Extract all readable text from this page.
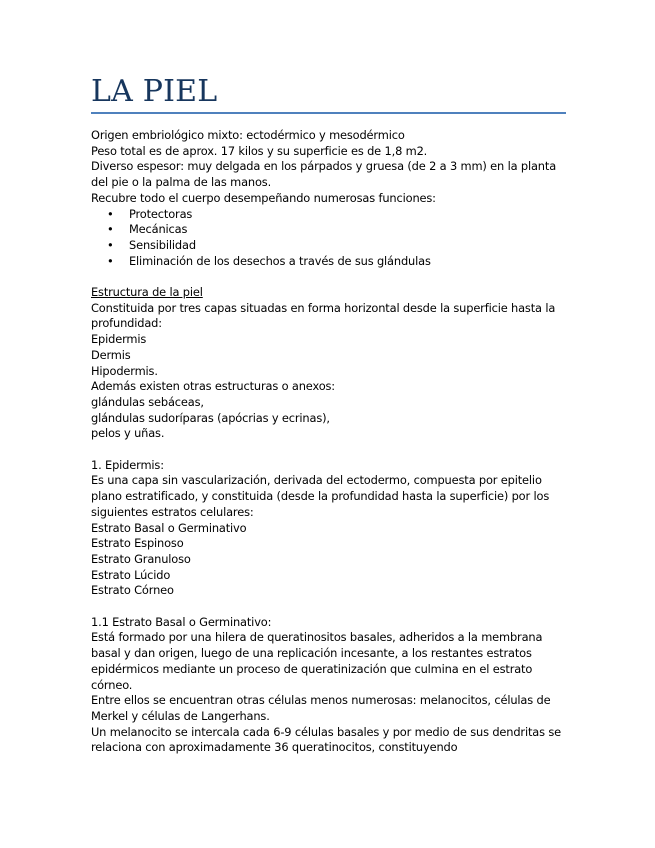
LA PIEL

Origen embriológico mixto: ectodérmico y mesodérmico

Peso total es de aprox. 17 kilos y su superficie es de 1,8 m2.

Diverso espesor: muy delgada en los párpados y gruesa (de 2 a 3 mm) en la planta del pie o la palma de las manos.

Recubre todo el cuerpo desempeñando numerosas funciones:

• Protectoras
• Mecánicas
• Sensibilidad
• Eliminación de los desechos a través de sus glándulas

Estructura de la piel

Constituida por tres capas situadas en forma horizontal desde la superficie hasta la profundidad:

Epidermis

Dermis

Hipodermis.

Además existen otras estructuras o anexos:

glándulas sebáceas,

glándulas sudoríparas (apócrias y ecrinas),

pelos y uñas.

1. Epidermis:

Es una capa sin vascularización, derivada del ectodermo, compuesta por epitelio plano estratificado, y constituida (desde la profundidad hasta la superficie) por los siguientes estratos celulares:

Estrato Basal o Germinativo

Estrato Espinoso

Estrato Granuloso

Estrato Lúcido

Estrato Córneo

1.1 Estrato Basal o Germinativo:

Está formado por una hilera de queratinositos basales, adheridos a la membrana basal y dan origen, luego de una replicación incesante, a los restantes estratos epidérmicos mediante un proceso de queratinización que culmina en el estrato córneo.

Entre ellos se encuentran otras células menos numerosas: melanocitos, células de Merkel y células de Langerhans.

Un melanocito se intercala cada 6-9 células basales y por medio de sus dendritas se relaciona con aproximadamente 36 queratinocitos, constituyendo
